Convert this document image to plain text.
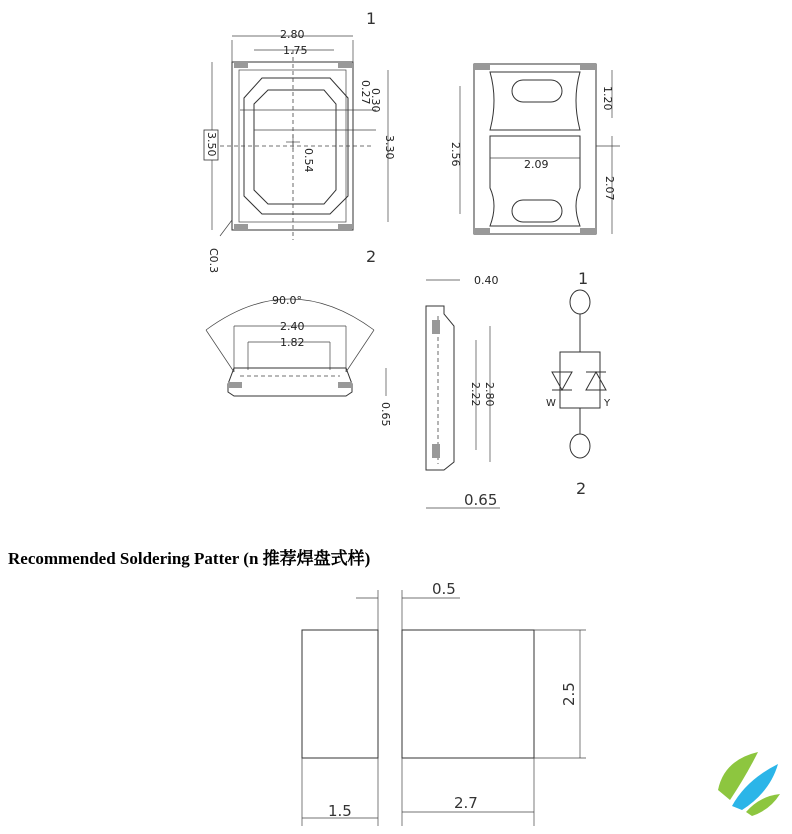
Recommended Soldering Patter (n 推荐焊盘式样)
1
2
2.80
1.75
3.50	3.30
0.30
0.27
0.54
C0.3
1.20
2.56	2.09
2.07
90.0°
2.40
1.82
0.65
0.40
2.80
2.22
0.65
1
W	Y
2
0.5
2.5
1.5	2.7
